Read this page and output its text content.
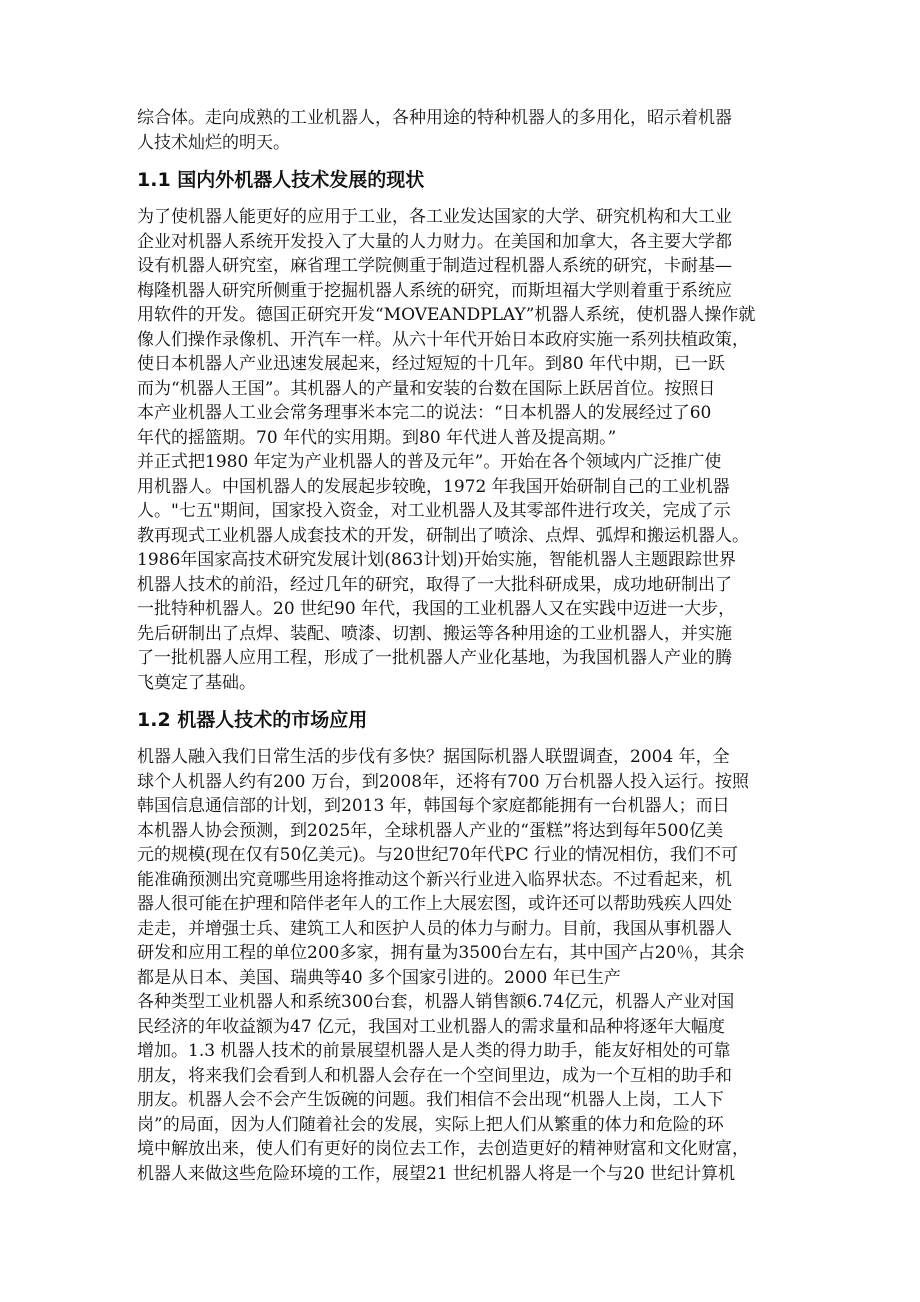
综合体。走向成熟的工业机器人，各种用途的特种机器人的多用化，昭示着机器
人技术灿烂的明天。
1.1 国内外机器人技术发展的现状
为了使机器人能更好的应用于工业，各工业发达国家的大学、研究机构和大工业
企业对机器人系统开发投入了大量的人力财力。在美国和加拿大，各主要大学都
设有机器人研究室，麻省理工学院侧重于制造过程机器人系统的研究，卡耐基—
梅隆机器人研究所侧重于挖掘机器人系统的研究，而斯坦福大学则着重于系统应
用软件的开发。德国正研究开发“MOVEANDPLAY”机器人系统，使机器人操作就
像人们操作录像机、开汽车一样。从六十年代开始日本政府实施一系列扶植政策，
使日本机器人产业迅速发展起来，经过短短的十几年。到80 年代中期，已一跃
而为“机器人王国”。其机器人的产量和安装的台数在国际上跃居首位。按照日
本产业机器人工业会常务理事米本完二的说法：“日本机器人的发展经过了60
年代的摇篮期。70 年代的实用期。到80 年代进人普及提高期。”
并正式把1980 年定为产业机器人的普及元年”。开始在各个领域内广泛推广使
用机器人。中国机器人的发展起步较晚，1972 年我国开始研制自己的工业机器
人。"七五"期间，国家投入资金，对工业机器人及其零部件进行攻关，完成了示
教再现式工业机器人成套技术的开发，研制出了喷涂、点焊、弧焊和搬运机器人。
1986年国家高技术研究发展计划(863计划)开始实施，智能机器人主题跟踪世界
机器人技术的前沿，经过几年的研究，取得了一大批科研成果，成功地研制出了
一批特种机器人。20 世纪90 年代，我国的工业机器人又在实践中迈进一大步，
先后研制出了点焊、装配、喷漆、切割、搬运等各种用途的工业机器人，并实施
了一批机器人应用工程，形成了一批机器人产业化基地，为我国机器人产业的腾
飞奠定了基础。
1.2 机器人技术的市场应用
机器人融入我们日常生活的步伐有多快？据国际机器人联盟调查，2004 年，全
球个人机器人约有200 万台，到2008年，还将有700 万台机器人投入运行。按照
韩国信息通信部的计划，到2013 年，韩国每个家庭都能拥有一台机器人；而日
本机器人协会预测，到2025年，全球机器人产业的“蛋糕”将达到每年500亿美
元的规模(现在仅有50亿美元)。与20世纪70年代PC 行业的情况相仿，我们不可
能准确预测出究竟哪些用途将推动这个新兴行业进入临界状态。不过看起来，机
器人很可能在护理和陪伴老年人的工作上大展宏图，或许还可以帮助残疾人四处
走走，并增强士兵、建筑工人和医护人员的体力与耐力。目前，我国从事机器人
研发和应用工程的单位200多家，拥有量为3500台左右，其中国产占20％，其余
都是从日本、美国、瑞典等40 多个国家引进的。2000 年已生产
各种类型工业机器人和系统300台套，机器人销售额6.74亿元，机器人产业对国
民经济的年收益额为47 亿元，我国对工业机器人的需求量和品种将逐年大幅度
增加。1.3 机器人技术的前景展望机器人是人类的得力助手，能友好相处的可靠
朋友，将来我们会看到人和机器人会存在一个空间里边，成为一个互相的助手和
朋友。机器人会不会产生饭碗的问题。我们相信不会出现“机器人上岗，工人下
岗”的局面，因为人们随着社会的发展，实际上把人们从繁重的体力和危险的环
境中解放出来，使人们有更好的岗位去工作，去创造更好的精神财富和文化财富，
机器人来做这些危险环境的工作，展望21 世纪机器人将是一个与20 世纪计算机
